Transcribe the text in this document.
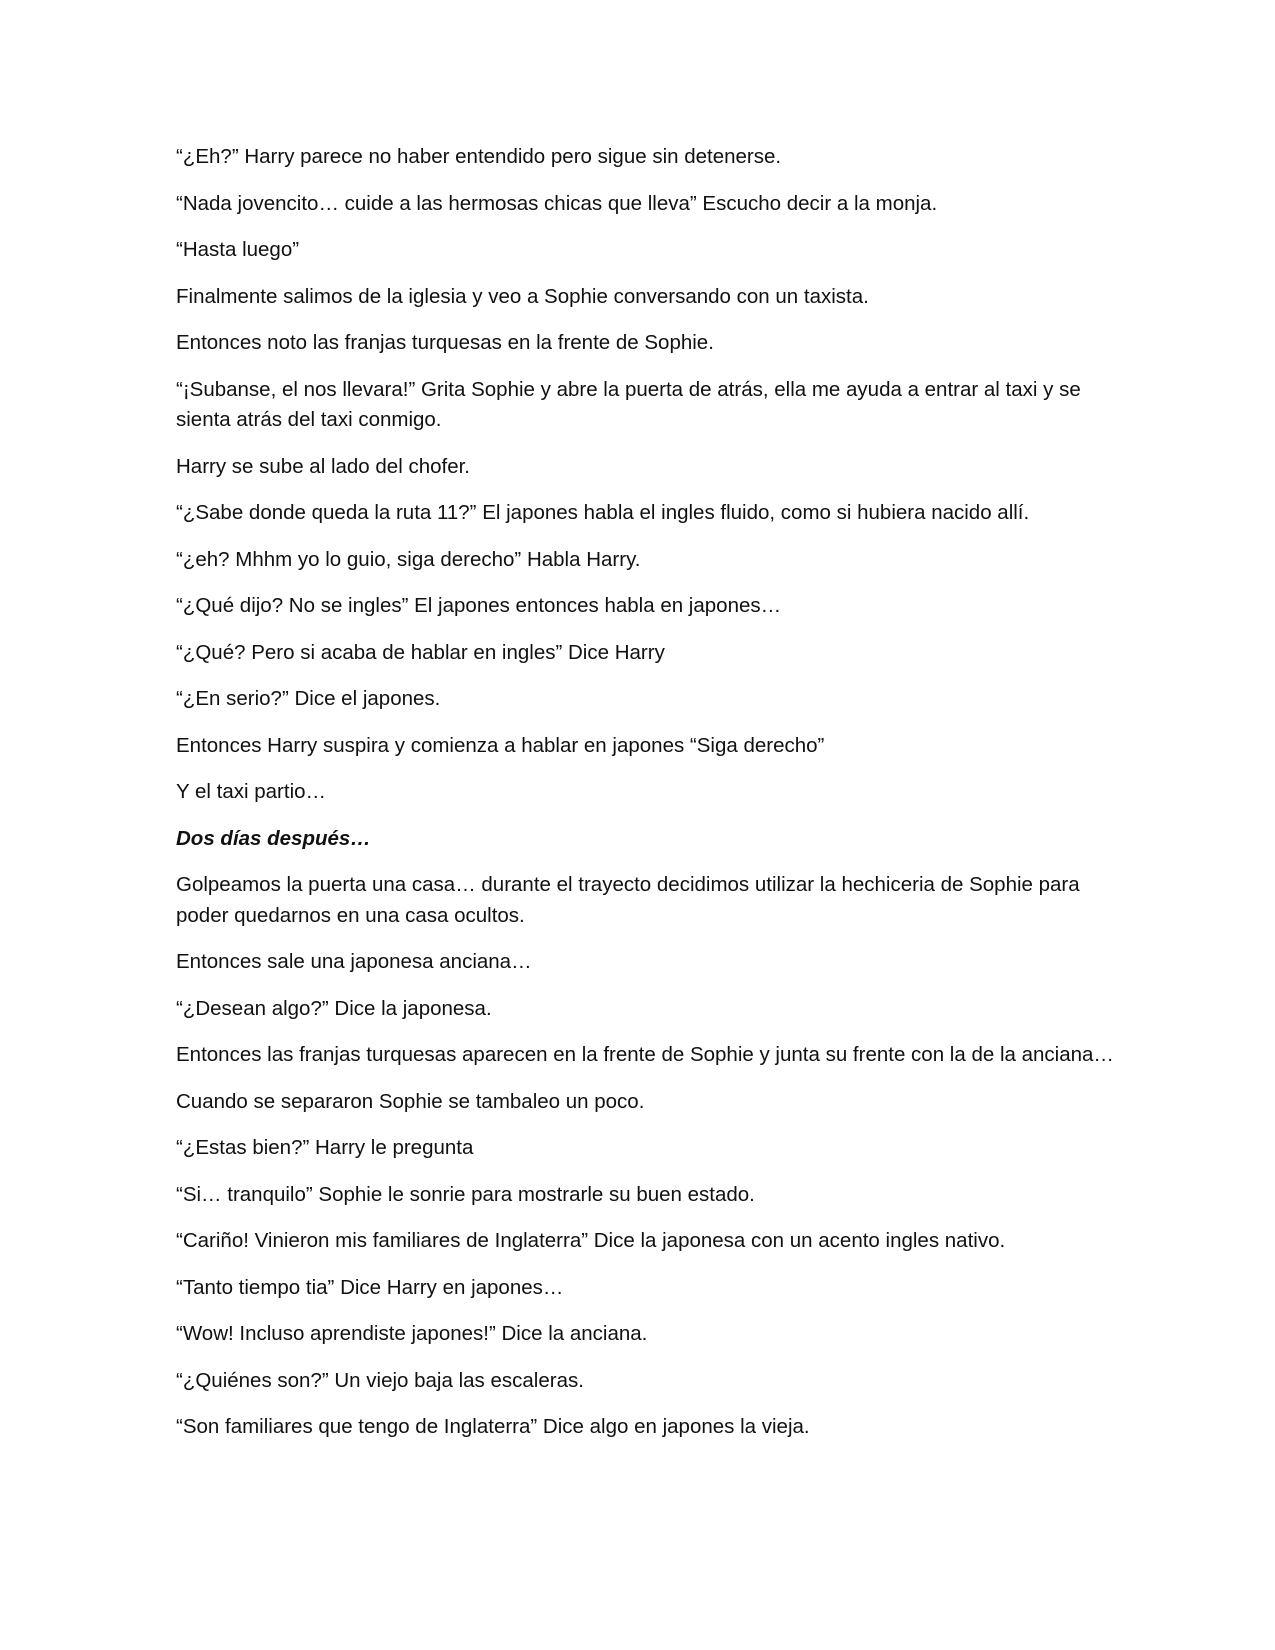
“¿Eh?” Harry parece no haber entendido pero sigue sin detenerse.

“Nada jovencito… cuide a las hermosas chicas que lleva” Escucho decir a la monja.

“Hasta luego”

Finalmente salimos de la iglesia y veo a Sophie conversando con un taxista.

Entonces noto las franjas turquesas en la frente de Sophie.

“¡Subanse, el nos llevara!” Grita Sophie y abre la puerta de atrás, ella me ayuda a entrar al taxi y se sienta atrás del taxi conmigo.

Harry se sube al lado del chofer.

“¿Sabe donde queda la ruta 11?” El japones habla el ingles fluido, como si hubiera nacido allí.

“¿eh? Mhhm yo lo guio, siga derecho” Habla Harry.

“¿Qué dijo? No se ingles” El japones entonces habla en japones…

“¿Qué? Pero si acaba de hablar en ingles” Dice Harry

“¿En serio?” Dice el japones.

Entonces Harry suspira y comienza a hablar en japones “Siga derecho”

Y el taxi partio…

Dos días después…

Golpeamos la puerta una casa… durante el trayecto decidimos utilizar la hechiceria de Sophie para poder quedarnos en una casa ocultos.

Entonces sale una japonesa anciana…

“¿Desean algo?” Dice la japonesa.

Entonces las franjas turquesas aparecen en la frente de Sophie y junta su frente con la de la anciana…

Cuando se separaron Sophie se tambaleo un poco.

“¿Estas bien?” Harry le pregunta

“Si… tranquilo” Sophie le sonrie para mostrarle su buen estado.

“Cariño! Vinieron mis familiares de Inglaterra” Dice la japonesa con un acento ingles nativo.

“Tanto tiempo tia” Dice Harry en japones…

“Wow! Incluso aprendiste japones!” Dice la anciana.

“¿Quiénes son?” Un viejo baja las escaleras.

“Son familiares que tengo de Inglaterra” Dice algo en japones la vieja.
